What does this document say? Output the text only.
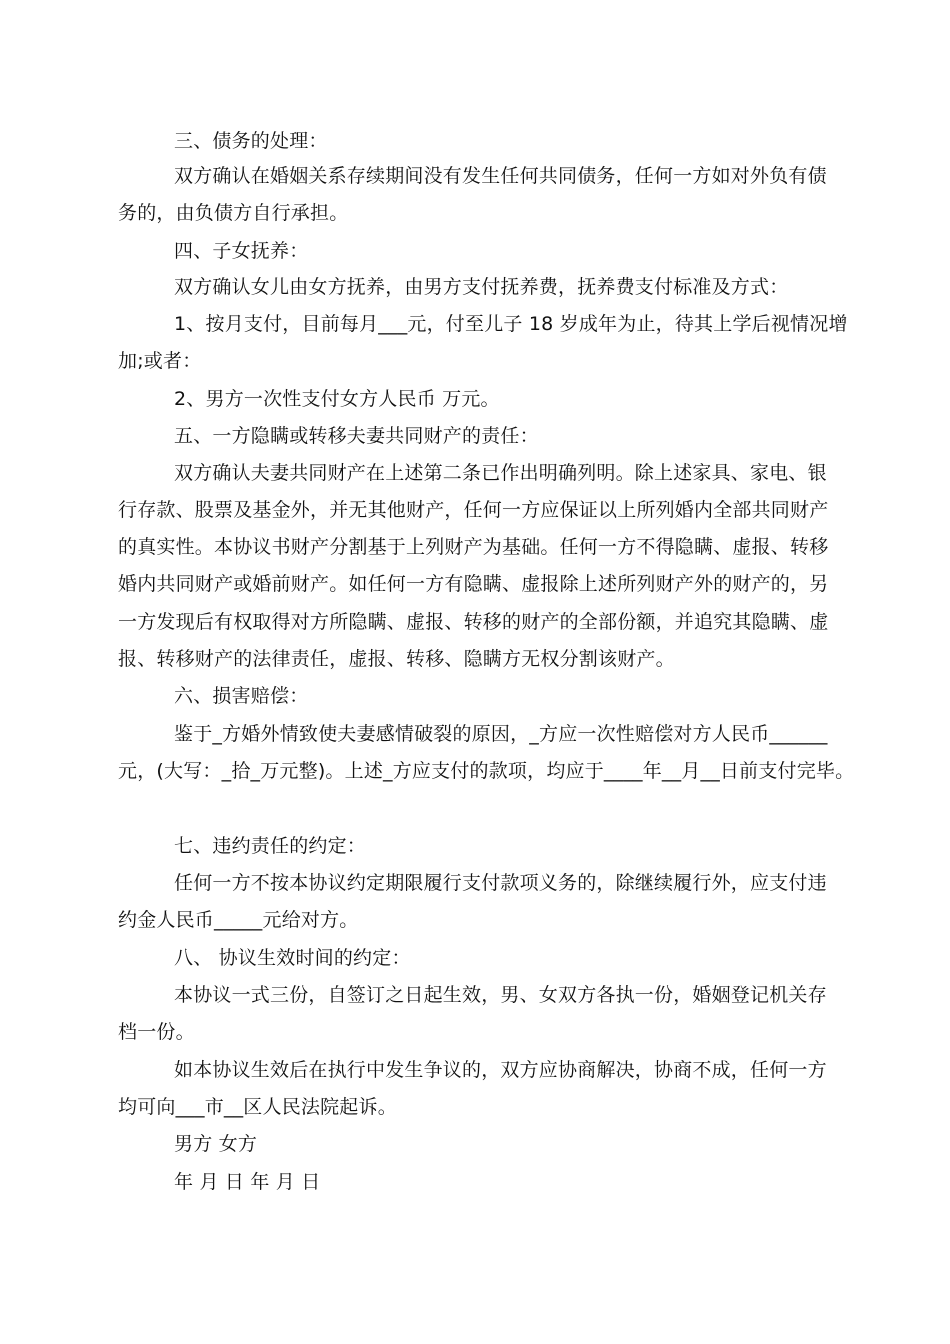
三、债务的处理：
双方确认在婚姻关系存续期间没有发生任何共同债务，任何一方如对外负有债
务的，由负债方自行承担。
四、子女抚养：
双方确认女儿由女方抚养，由男方支付抚养费，抚养费支付标准及方式：
1、按月支付，目前每月___元，付至儿子 18 岁成年为止，待其上学后视情况增
加;或者：
2、男方一次性支付女方人民币 万元。
五、一方隐瞒或转移夫妻共同财产的责任：
双方确认夫妻共同财产在上述第二条已作出明确列明。除上述家具、家电、银
行存款、股票及基金外，并无其他财产，任何一方应保证以上所列婚内全部共同财产
的真实性。本协议书财产分割基于上列财产为基础。任何一方不得隐瞒、虚报、转移
婚内共同财产或婚前财产。如任何一方有隐瞒、虚报除上述所列财产外的财产的，另
一方发现后有权取得对方所隐瞒、虚报、转移的财产的全部份额，并追究其隐瞒、虚
报、转移财产的法律责任，虚报、转移、隐瞒方无权分割该财产。
六、损害赔偿：
鉴于_方婚外情致使夫妻感情破裂的原因，_方应一次性赔偿对方人民币______
元，(大写：_拾_万元整)。上述_方应支付的款项，均应于____年__月__日前支付完毕。
七、违约责任的约定：
任何一方不按本协议约定期限履行支付款项义务的，除继续履行外，应支付违
约金人民币_____元给对方。
八、 协议生效时间的约定：
本协议一式三份，自签订之日起生效，男、女双方各执一份，婚姻登记机关存
档一份。
如本协议生效后在执行中发生争议的，双方应协商解决，协商不成，任何一方
均可向___市__区人民法院起诉。
男方 女方
年 月 日 年 月 日
